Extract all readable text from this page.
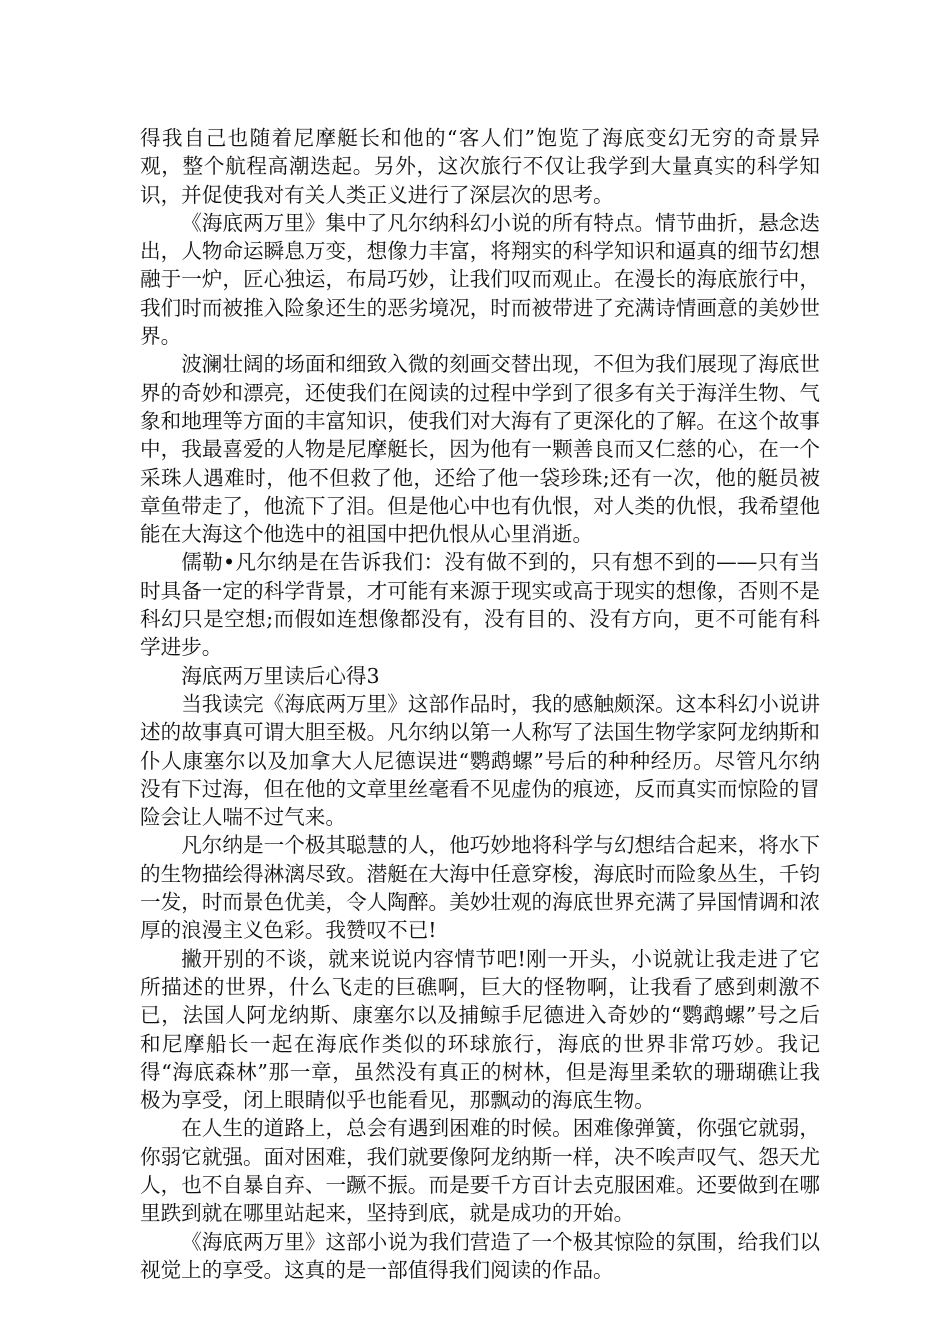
得我自己也随着尼摩艇长和他的“客人们”饱览了海底变幻无穷的奇景异观，整个航程高潮迭起。另外，这次旅行不仅让我学到大量真实的科学知识，并促使我对有关人类正义进行了深层次的思考。

《海底两万里》集中了凡尔纳科幻小说的所有特点。情节曲折，悬念迭出，人物命运瞬息万变，想像力丰富，将翔实的科学知识和逼真的细节幻想融于一炉，匠心独运，布局巧妙，让我们叹而观止。在漫长的海底旅行中，我们时而被推入险象还生的恶劣境况，时而被带进了充满诗情画意的美妙世界。

波澜壮阔的场面和细致入微的刻画交替出现，不但为我们展现了海底世界的奇妙和漂亮，还使我们在阅读的过程中学到了很多有关于海洋生物、气象和地理等方面的丰富知识，使我们对大海有了更深化的了解。在这个故事中，我最喜爱的人物是尼摩艇长，因为他有一颗善良而又仁慈的心，在一个采珠人遇难时，他不但救了他，还给了他一袋珍珠;还有一次，他的艇员被章鱼带走了，他流下了泪。但是他心中也有仇恨，对人类的仇恨，我希望他能在大海这个他选中的祖国中把仇恨从心里消逝。

儒勒•凡尔纳是在告诉我们：没有做不到的，只有想不到的——只有当时具备一定的科学背景，才可能有来源于现实或高于现实的想像，否则不是科幻只是空想;而假如连想像都没有，没有目的、没有方向，更不可能有科学进步。

海底两万里读后心得3

当我读完《海底两万里》这部作品时，我的感触颇深。这本科幻小说讲述的故事真可谓大胆至极。凡尔纳以第一人称写了法国生物学家阿龙纳斯和仆人康塞尔以及加拿大人尼德误进“鹦鹉螺”号后的种种经历。尽管凡尔纳没有下过海，但在他的文章里丝毫看不见虚伪的痕迹，反而真实而惊险的冒险会让人喘不过气来。

凡尔纳是一个极其聪慧的人，他巧妙地将科学与幻想结合起来，将水下的生物描绘得淋漓尽致。潜艇在大海中任意穿梭，海底时而险象丛生，千钧一发，时而景色优美，令人陶醉。美妙壮观的海底世界充满了异国情调和浓厚的浪漫主义色彩。我赞叹不已!

撇开别的不谈，就来说说内容情节吧!刚一开头，小说就让我走进了它所描述的世界，什么飞走的巨礁啊，巨大的怪物啊，让我看了感到刺激不已，法国人阿龙纳斯、康塞尔以及捕鲸手尼德进入奇妙的“鹦鹉螺”号之后和尼摩船长一起在海底作类似的环球旅行，海底的世界非常巧妙。我记得“海底森林”那一章，虽然没有真正的树林，但是海里柔软的珊瑚礁让我极为享受，闭上眼睛似乎也能看见，那飘动的海底生物。

在人生的道路上，总会有遇到困难的时候。困难像弹簧，你强它就弱，你弱它就强。面对困难，我们就要像阿龙纳斯一样，决不唉声叹气、怨天尤人，也不自暴自弃、一蹶不振。而是要千方百计去克服困难。还要做到在哪里跌到就在哪里站起来，坚持到底，就是成功的开始。

《海底两万里》这部小说为我们营造了一个极其惊险的氛围，给我们以视觉上的享受。这真的是一部值得我们阅读的作品。
